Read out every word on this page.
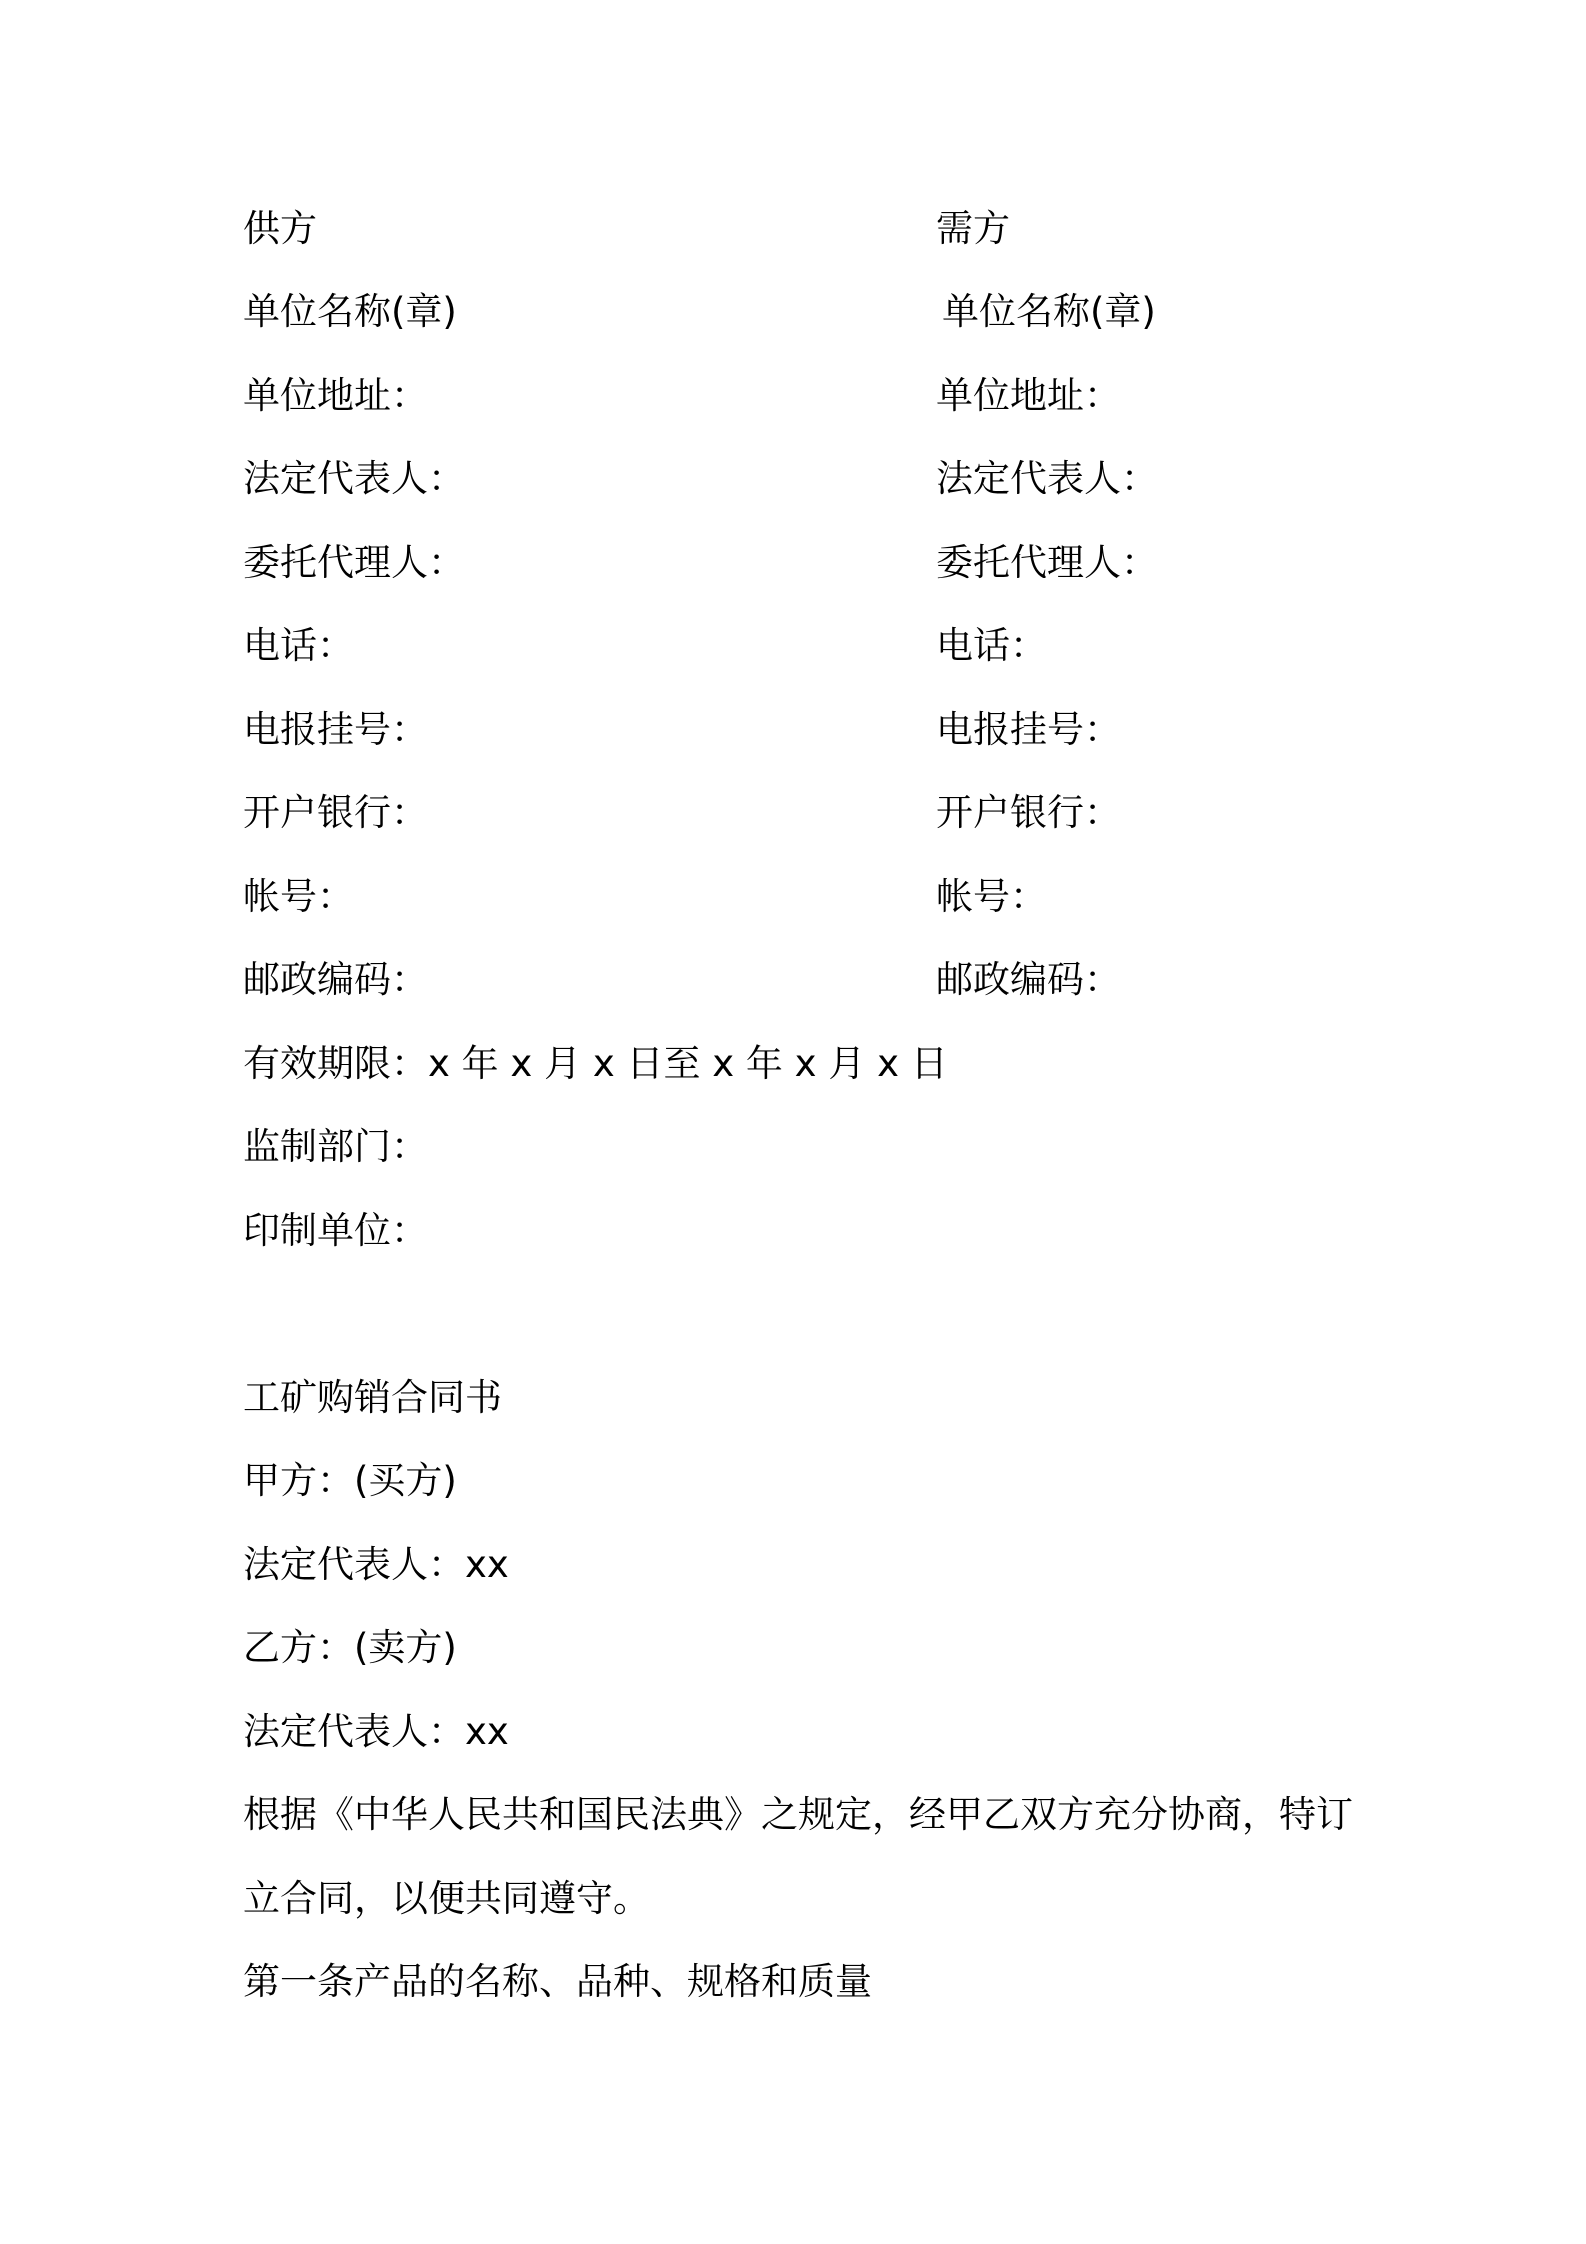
供方
单位名称(章)
单位地址：
法定代表人：
委托代理人：
电话：
电报挂号：
开户银行：
帐号：
邮政编码：
需方
单位名称(章)
单位地址：
法定代表人：
委托代理人：
电话：
电报挂号：
开户银行：
帐号：
邮政编码：
有效期限：x 年 x 月 x 日至 x 年 x 月 x 日
监制部门：
印制单位：
工矿购销合同书
甲方：(买方)
法定代表人：xx
乙方：(卖方)
法定代表人：xx
根据《中华人民共和国民法典》之规定，经甲乙双方充分协商，特订
立合同，以便共同遵守。
第一条产品的名称、品种、规格和质量
